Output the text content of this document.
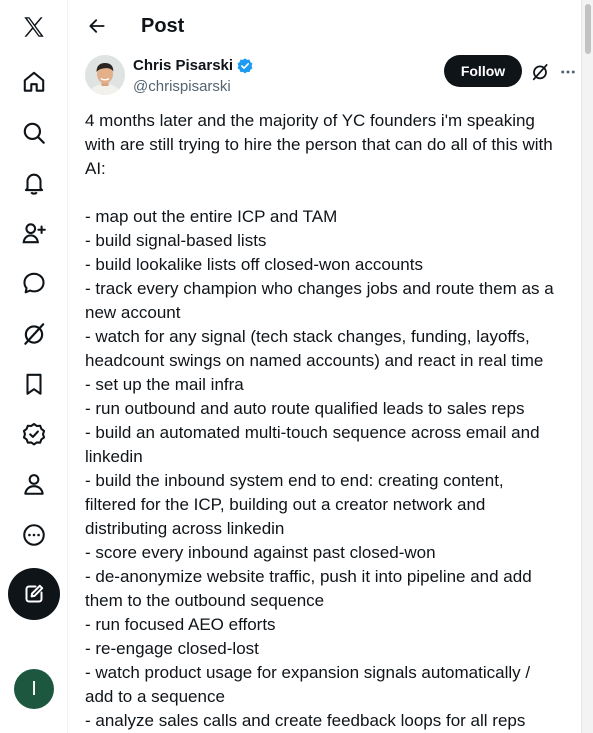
I
Post
Chris Pisarski
@chrispisarski
Follow
4 months later and the majority of YC founders i'm speaking
with are still trying to hire the person that can do all of this with
AI:
- map out the entire ICP and TAM
- build signal-based lists
- build lookalike lists off closed-won accounts
- track every champion who changes jobs and route them as a
new account
- watch for any signal (tech stack changes, funding, layoffs,
headcount swings on named accounts) and react in real time
- set up the mail infra
- run outbound and auto route qualified leads to sales reps
- build an automated multi-touch sequence across email and
linkedin
- build the inbound system end to end: creating content,
filtered for the ICP, building out a creator network and
distributing across linkedin
- score every inbound against past closed-won
- de-anonymize website traffic, push it into pipeline and add
them to the outbound sequence
- run focused AEO efforts
- re-engage closed-lost
- watch product usage for expansion signals automatically /
add to a sequence
- analyze sales calls and create feedback loops for all reps
